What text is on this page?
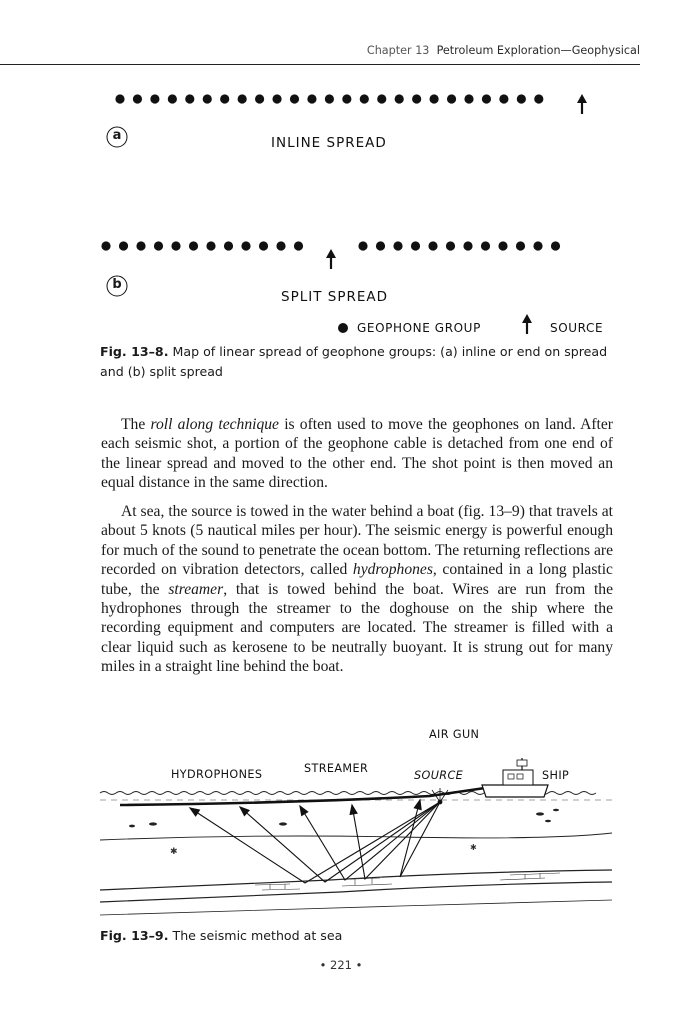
Chapter 13 Petroleum Exploration—Geophysical
a	INLINE SPREAD
b
SPLIT SPREAD
GEOPHONE GROUP	SOURCE
Fig. 13–8. Map of linear spread of geophone groups: (a) inline or end on spread and (b) split spread
The roll along technique is often used to move the geophones on land. After each seismic shot, a portion of the geophone cable is detached from one end of the linear spread and moved to the other end. The shot point is then moved an equal distance in the same direction.
At sea, the source is towed in the water behind a boat (fig. 13–9) that travels at about 5 knots (5 nautical miles per hour). The seismic energy is powerful enough for much of the sound to penetrate the ocean bottom. The returning reflections are recorded on vibration detectors, called hydrophones, contained in a long plastic tube, the streamer, that is towed behind the boat. Wires are run from the hydrophones through the streamer to the doghouse on the ship where the recording equipment and computers are located. The streamer is filled with a clear liquid such as kerosene to be neutrally buoyant. It is strung out for many miles in a straight line behind the boat.
✱	✱
AIR GUN
HYDROPHONES	STREAMER
SOURCE	SHIP
Fig. 13–9. The seismic method at sea
• 221 •
